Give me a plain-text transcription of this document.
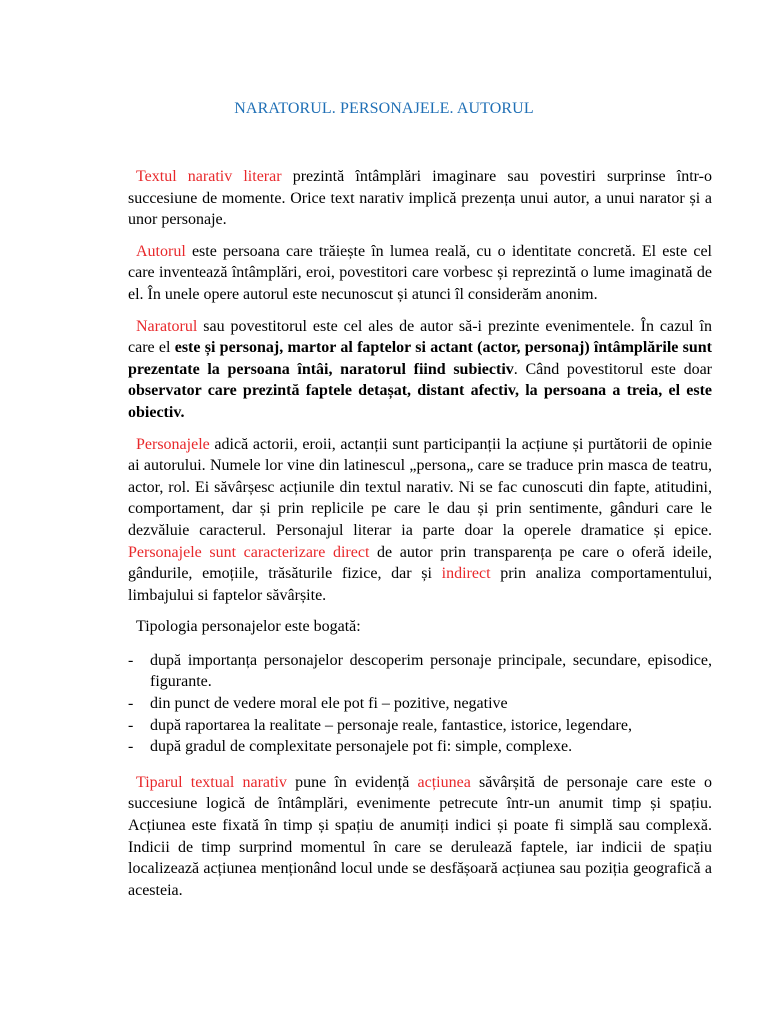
NARATORUL. PERSONAJELE. AUTORUL

Textul narativ literar prezintă întâmplări imaginare sau povestiri surprinse într-o succesiune de momente. Orice text narativ implică prezența unui autor, a unui narator și a unor personaje.

Autorul este persoana care trăiește în lumea reală, cu o identitate concretă. El este cel care inventează întâmplări, eroi, povestitori care vorbesc și reprezintă o lume imaginată de el. În unele opere autorul este necunoscut și atunci îl considerăm anonim.

Naratorul sau povestitorul este cel ales de autor să-i prezinte evenimentele. În cazul în care el este și personaj, martor al faptelor si actant (actor, personaj) întâmplările sunt prezentate la persoana întâi, naratorul fiind subiectiv. Când povestitorul este doar observator care prezintă faptele detașat, distant afectiv, la persoana a treia, el este obiectiv.

Personajele adică actorii, eroii, actanții sunt participanții la acțiune și purtătorii de opinie ai autorului. Numele lor vine din latinescul „persona„ care se traduce prin masca de teatru, actor, rol. Ei săvârșesc acțiunile din textul narativ. Ni se fac cunoscuti din fapte, atitudini, comportament, dar și prin replicile pe care le dau și prin sentimente, gânduri care le dezvăluie caracterul. Personajul literar ia parte doar la operele dramatice și epice. Personajele sunt caracterizare direct de autor prin transparența pe care o oferă ideile, gândurile, emoțiile, trăsăturile fizice, dar și indirect prin analiza comportamentului, limbajului si faptelor săvârșite.

Tipologia personajelor este bogată:

- după importanța personajelor descoperim personaje principale, secundare, episodice, figurante.
- din punct de vedere moral ele pot fi – pozitive, negative
- după raportarea la realitate – personaje reale, fantastice, istorice, legendare,
- după gradul de complexitate personajele pot fi: simple, complexe.

Tiparul textual narativ pune în evidență acțiunea săvârșită de personaje care este o succesiune logică de întâmplări, evenimente petrecute într-un anumit timp și spațiu. Acțiunea este fixată în timp și spațiu de anumiți indici și poate fi simplă sau complexă. Indicii de timp surprind momentul în care se derulează faptele, iar indicii de spațiu localizează acțiunea menționând locul unde se desfășoară acțiunea sau poziția geografică a acesteia.
